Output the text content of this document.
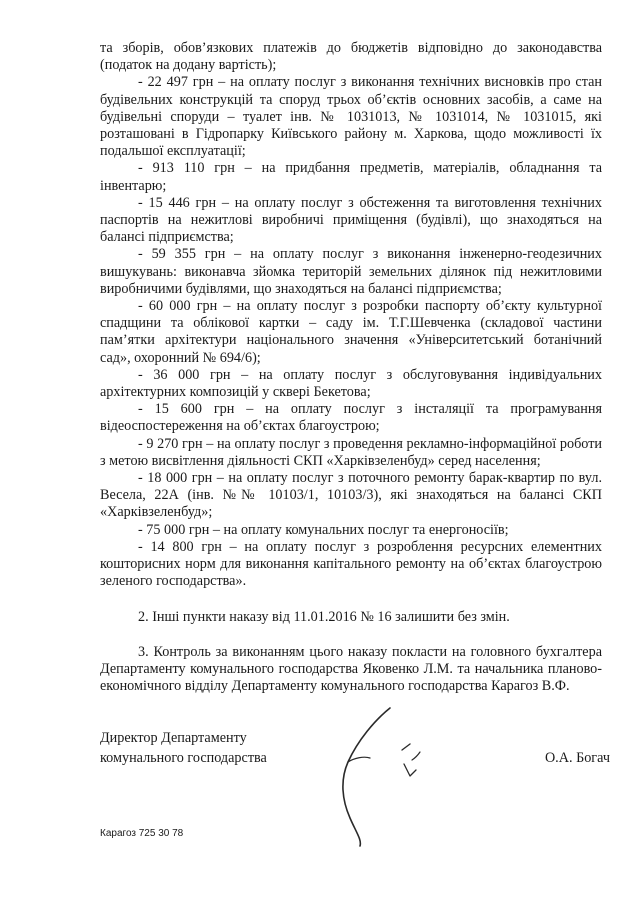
та зборів, обов’язкових платежів до бюджетів відповідно до законодавства (податок на додану вартість);

- 22 497 грн – на оплату послуг з виконання технічних висновків про стан будівельних конструкцій та споруд трьох об’єктів основних засобів, а саме на будівельні споруди – туалет інв. № 1031013, № 1031014, № 1031015, які розташовані в Гідропарку Київського району м. Харкова, щодо можливості їх подальшої експлуатації;

- 913 110 грн – на придбання предметів, матеріалів, обладнання та інвентарю;

- 15 446 грн – на оплату послуг з обстеження та виготовлення технічних паспортів на нежитлові виробничі приміщення (будівлі), що знаходяться на балансі підприємства;

- 59 355 грн – на оплату послуг з виконання інженерно-геодезичних вишукувань: виконавча зйомка територій земельних ділянок під нежитловими виробничими будівлями, що знаходяться на балансі підприємства;

- 60 000 грн – на оплату послуг з розробки паспорту об’єкту культурної спадщини та облікової картки – саду ім. Т.Г.Шевченка (складової частини пам’ятки архітектури національного значення «Університетський ботанічний сад», охоронний № 694/6);

- 36 000 грн – на оплату послуг з обслуговування індивідуальних архітектурних композицій у сквері Бекетова;

- 15 600 грн – на оплату послуг з інсталяції та програмування відеоспостереження на об’єктах благоустрою;

- 9 270 грн – на оплату послуг з проведення рекламно-інформаційної роботи з метою висвітлення діяльності СКП «Харківзеленбуд» серед населення;

- 18 000 грн – на оплату послуг з поточного ремонту барак-квартир по вул. Весела, 22А (інв. №№ 10103/1, 10103/3), які знаходяться на балансі СКП «Харківзеленбуд»;

- 75 000 грн – на оплату комунальних послуг та енергоносіїв;

- 14 800 грн – на оплату послуг з розроблення ресурсних елементних кошторисних норм для виконання капітального ремонту на об’єктах благоустрою зеленого господарства».

2. Інші пункти наказу від 11.01.2016 № 16 залишити без змін.

3. Контроль за виконанням цього наказу покласти на головного бухгалтера Департаменту комунального господарства Яковенко Л.М. та начальника планово-економічного відділу Департаменту комунального господарства Карагоз В.Ф.

Директор Департаменту
комунального господарства	О.А. Богач
Карагоз 725 30 78
